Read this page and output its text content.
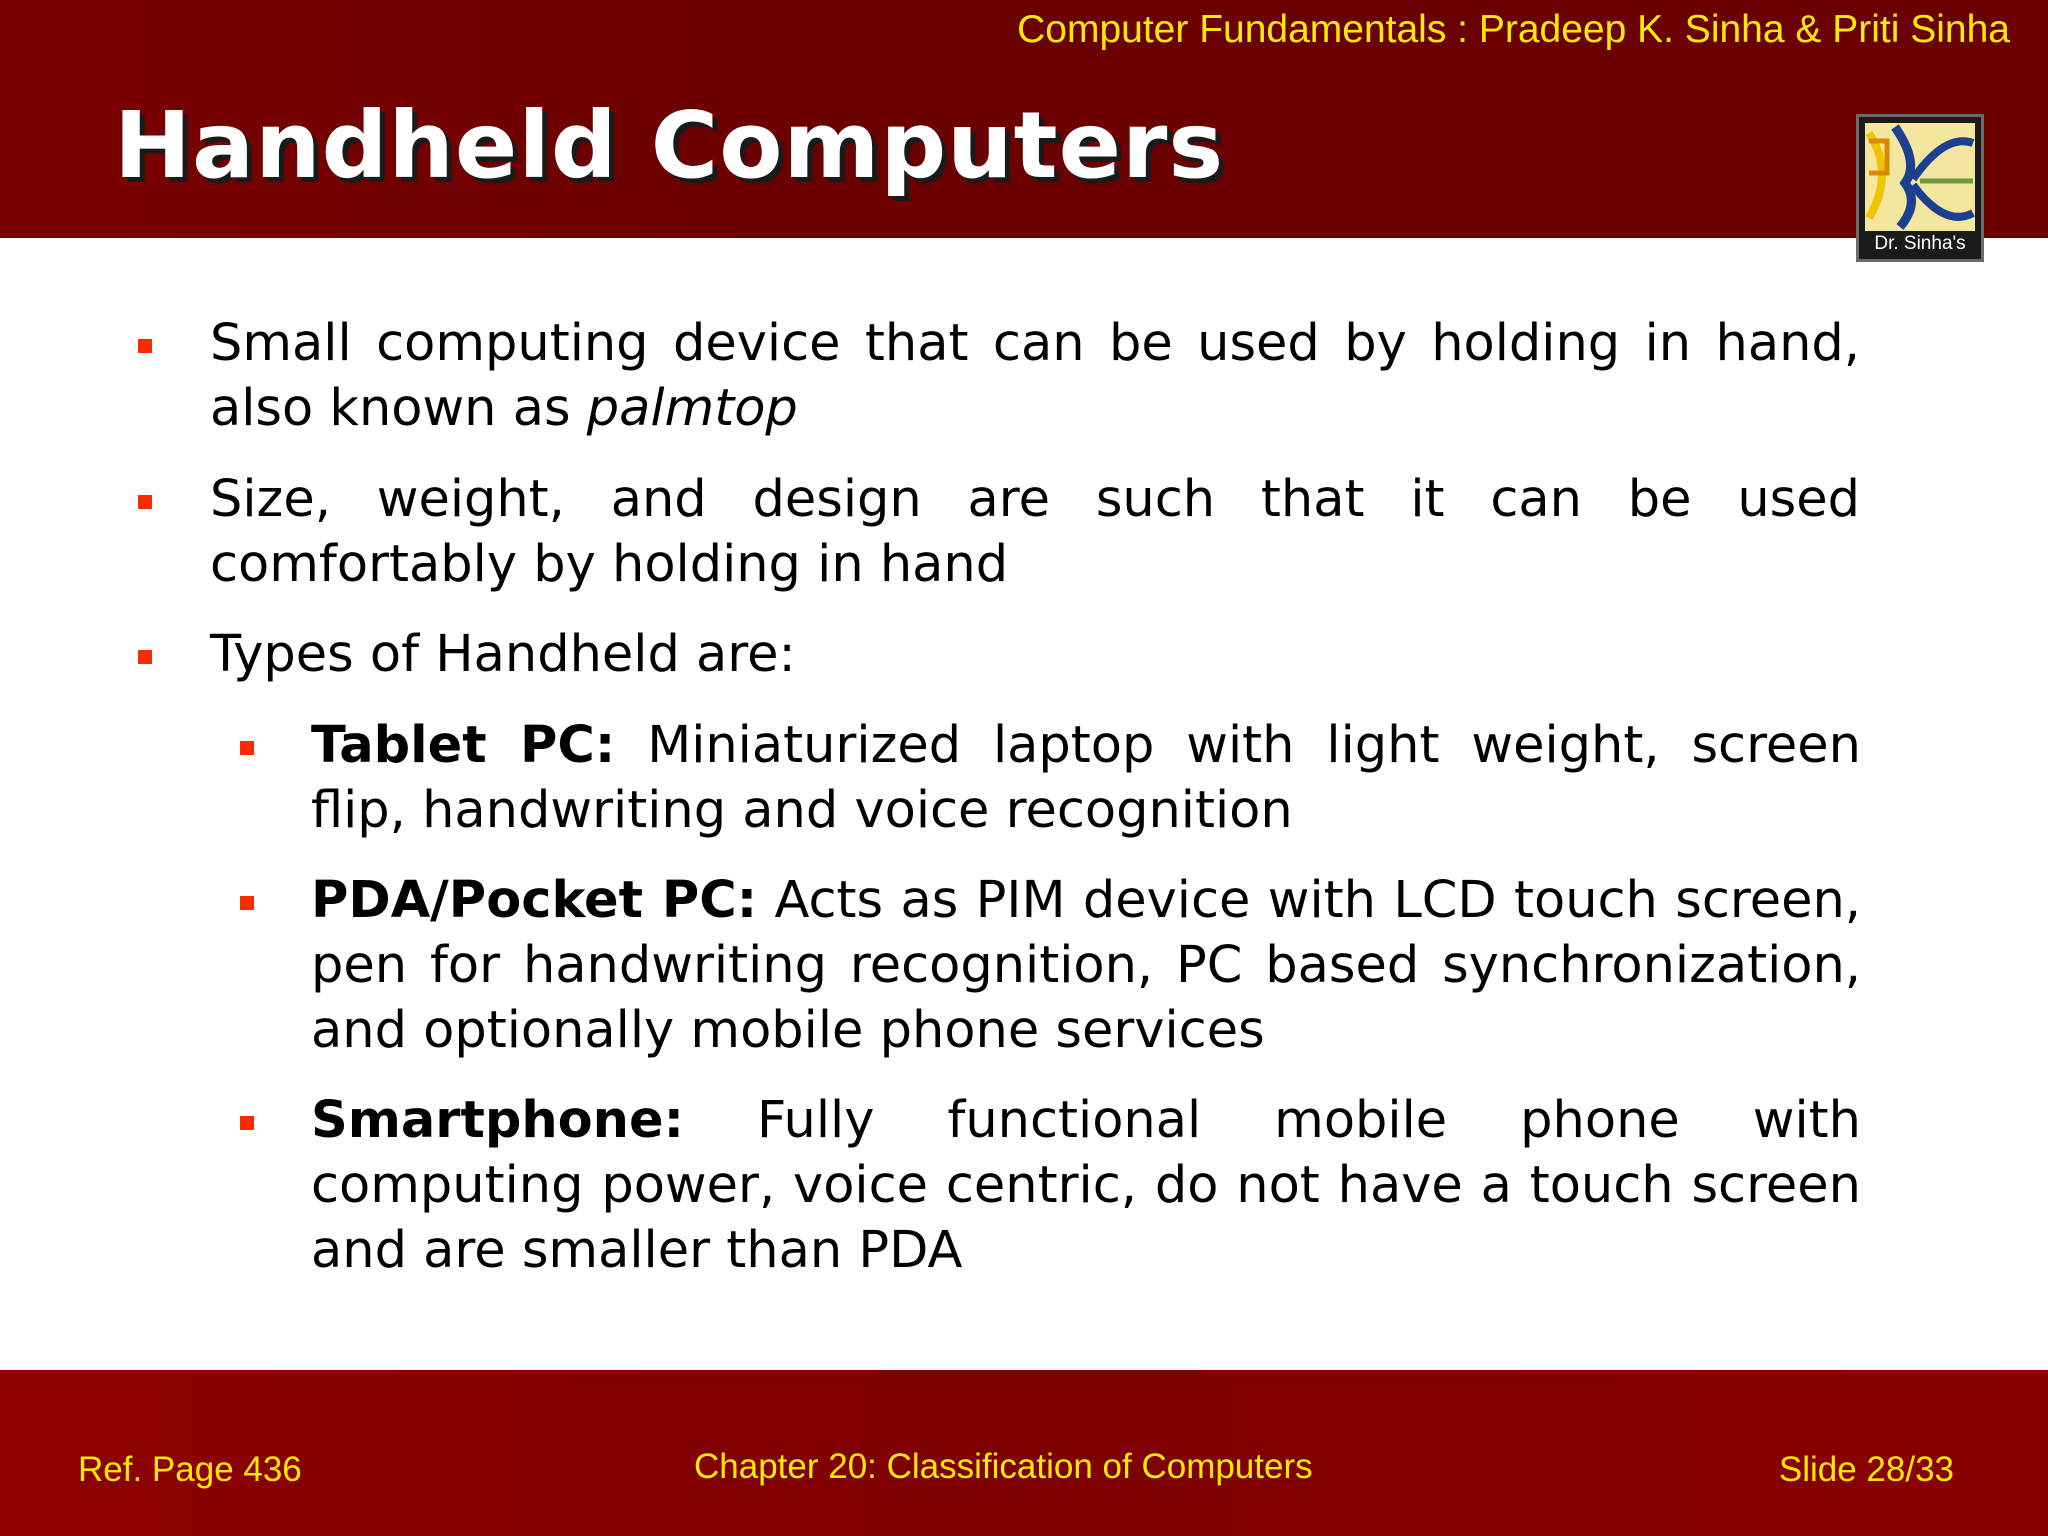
Computer Fundamentals : Pradeep K. Sinha & Priti Sinha
Handheld Computers
Dr. Sinha's
Small computing device that can be used by holding in hand, also known as palmtop
Size, weight, and design are such that it can be used comfortably by holding in hand
Types of Handheld are:
Tablet PC: Miniaturized laptop with light weight, screen flip, handwriting and voice recognition
PDA/Pocket PC: Acts as PIM device with LCD touch screen, pen for handwriting recognition, PC based synchronization, and optionally mobile phone services
Smartphone: Fully functional mobile phone with computing power, voice centric, do not have a touch screen and are smaller than PDA
Ref. Page 436	Chapter 20: Classification of Computers	Slide 28/33
